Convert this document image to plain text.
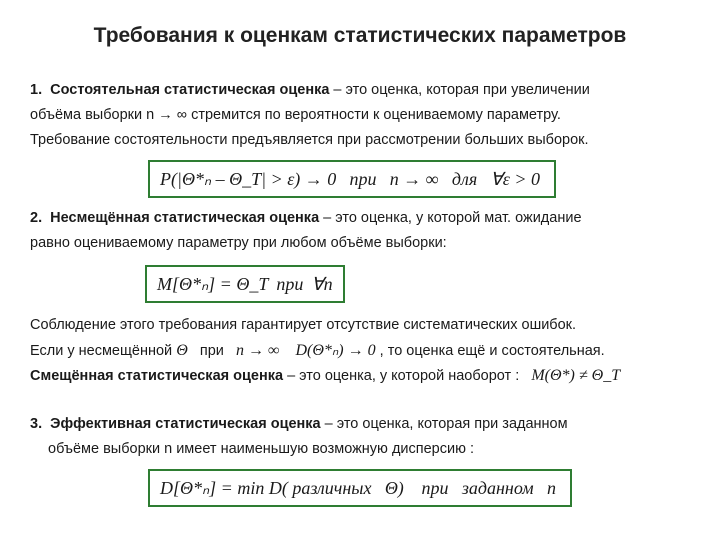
Требования к оценкам статистических параметров
1. Состоятельная статистическая оценка – это оценка, которая при увеличении
объёма выборки n → ∞ стремится по вероятности к оцениваемому параметру.
Требование состоятельности предъявляется при рассмотрении больших выборок.
P(|Θ*ₙ – Θ_T| > ε) → 0 при n → ∞ для ∀ε > 0
2. Несмещённая статистическая оценка – это оценка, у которой мат. ожидание
равно оцениваемому параметру при любом объёме выборки:
M[Θ*ₙ] = Θ_T при ∀n
Соблюдение этого требования гарантирует отсутствие систематических ошибок.
Если у несмещённой Θ при n → ∞ D(Θ*ₙ) → 0 , то оценка ещё и состоятельная.
Смещённая статистическая оценка – это оценка, у которой наоборот : M(Θ*) ≠ Θ_T
3. Эффективная статистическая оценка – это оценка, которая при заданном
объёме выборки n имеет наименьшую возможную дисперсию :
D[Θ*ₙ] = min D( различных Θ) при заданном n
